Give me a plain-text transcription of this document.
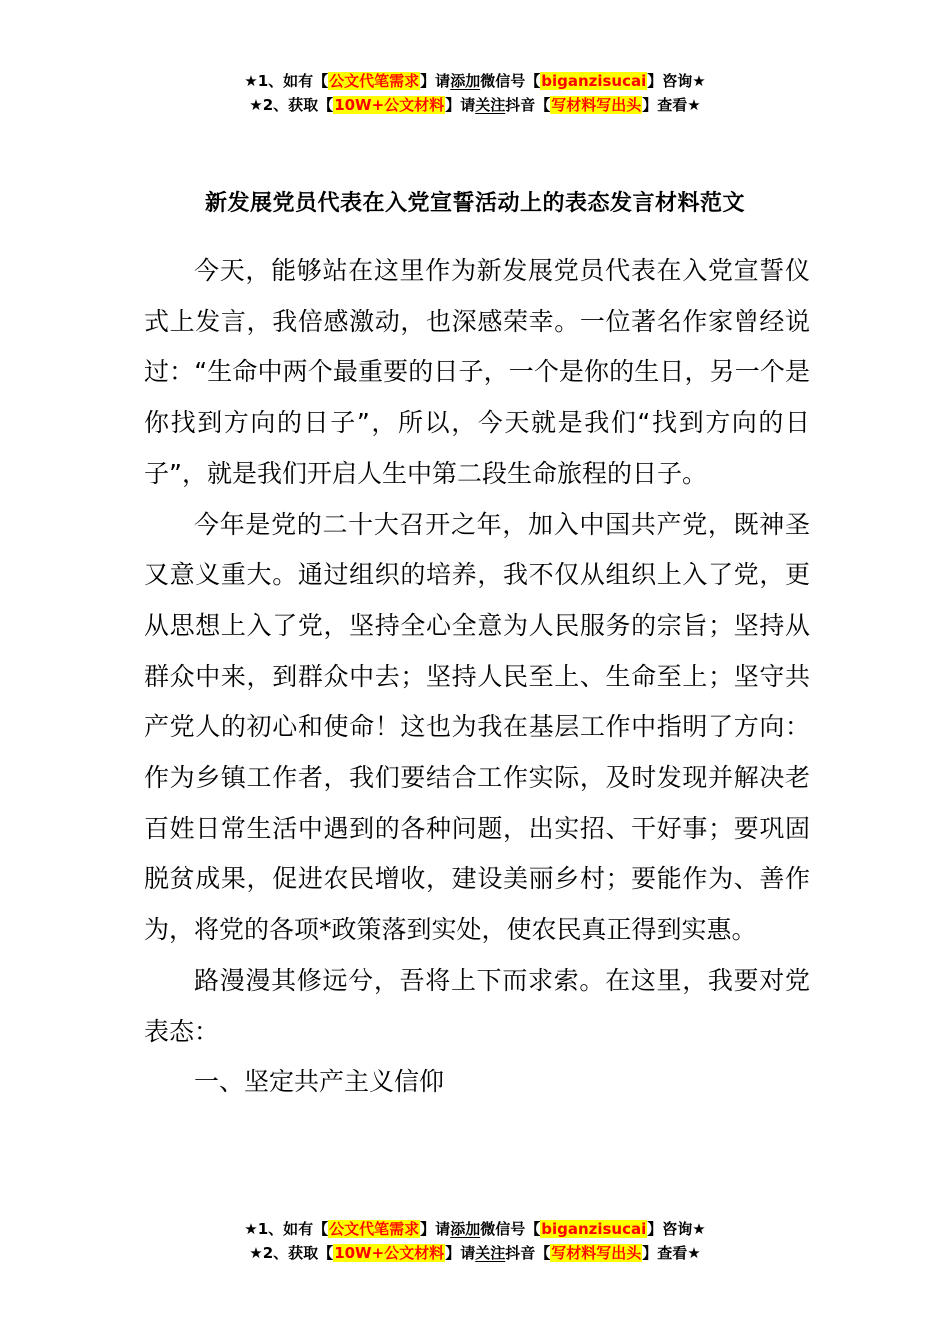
★1、如有【公文代笔需求】请添加微信号【biganzisucai】咨询★
★2、获取【10W+公文材料】请关注抖音【写材料写出头】查看★
新发展党员代表在入党宣誓活动上的表态发言材料范文

今天，能够站在这里作为新发展党员代表在入党宣誓仪式上发言，我倍感激动，也深感荣幸。一位著名作家曾经说过：“生命中两个最重要的日子，一个是你的生日，另一个是你找到方向的日子”，所以，今天就是我们“找到方向的日子”，就是我们开启人生中第二段生命旅程的日子。

今年是党的二十大召开之年，加入中国共产党，既神圣又意义重大。通过组织的培养，我不仅从组织上入了党，更从思想上入了党，坚持全心全意为人民服务的宗旨；坚持从群众中来，到群众中去；坚持人民至上、生命至上；坚守共产党人的初心和使命！这也为我在基层工作中指明了方向：作为乡镇工作者，我们要结合工作实际，及时发现并解决老百姓日常生活中遇到的各种问题，出实招、干好事；要巩固脱贫成果，促进农民增收，建设美丽乡村；要能作为、善作为，将党的各项*政策落到实处，使农民真正得到实惠。

路漫漫其修远兮，吾将上下而求索。在这里，我要对党表态：

一、坚定共产主义信仰

★1、如有【公文代笔需求】请添加微信号【biganzisucai】咨询★
★2、获取【10W+公文材料】请关注抖音【写材料写出头】查看★
